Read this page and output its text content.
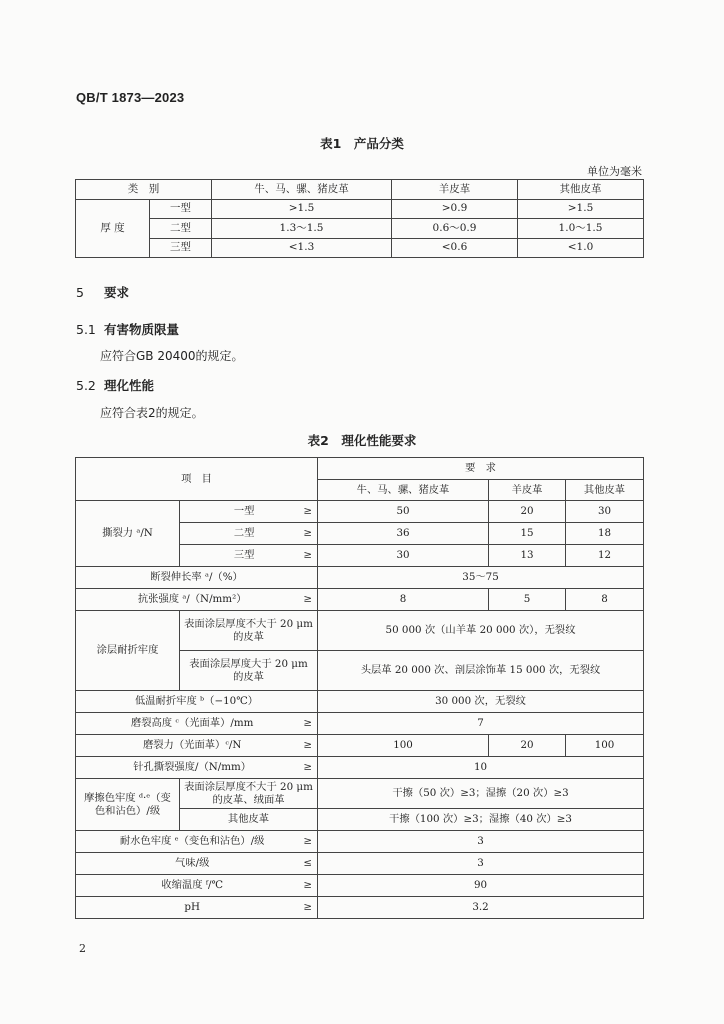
QB/T 1873—2023
表1　产品分类
单位为毫米
类　别		牛、马、骡、猪皮革	羊皮革	其他皮革
厚 度	一型	>1.5	>0.9	>1.5
	二型	1.3～1.5	0.6～0.9	1.0～1.5
	三型	<1.3	<0.6	<1.0
5 要求
5.1 有害物质限量
应符合GB 20400的规定。
5.2 理化性能
应符合表2的规定。
表2　理化性能要求
项　目		要　求		
		牛、马、骡、猪皮革	羊皮革	其他皮革
撕裂力 ᵃ/N	一型 ≥	50	20	30

	二型 ≥	36	15	18

	三型 ≥	30	13	12
断裂伸长率 ᵃ/（%）		35～75		

抗张强度 ᵃ/（N/mm²） ≥		8	5	8
涂层耐折牢度	表面涂层厚度不大于 20 μm 的皮革	50 000 次（山羊革 20 000 次），无裂纹		
	表面涂层厚度大于 20 μm 的皮革	头层革 20 000 次、剖层涂饰革 15 000 次，无裂纹		
低温耐折牢度 ᵇ（−10℃）		30 000 次，无裂纹		

磨裂高度 ᶜ（光面革）/mm ≥		7		

磨裂力（光面革）ᶜ/N ≥		100	20	100

针孔撕裂强度/（N/mm） ≥		10		
摩擦色牢度 ᵈ·ᵉ（变色和沾色）/级	表面涂层厚度不大于 20 μm 的皮革、绒面革	干擦（50 次）≥3；湿擦（20 次）≥3		
	其他皮革	干擦（100 次）≥3；湿擦（40 次）≥3		

耐水色牢度 ᵉ（变色和沾色）/级 ≥		3		

气味/级 ≤		3		

收缩温度 ᶠ/℃ ≥		90		

pH ≥		3.2		
2
